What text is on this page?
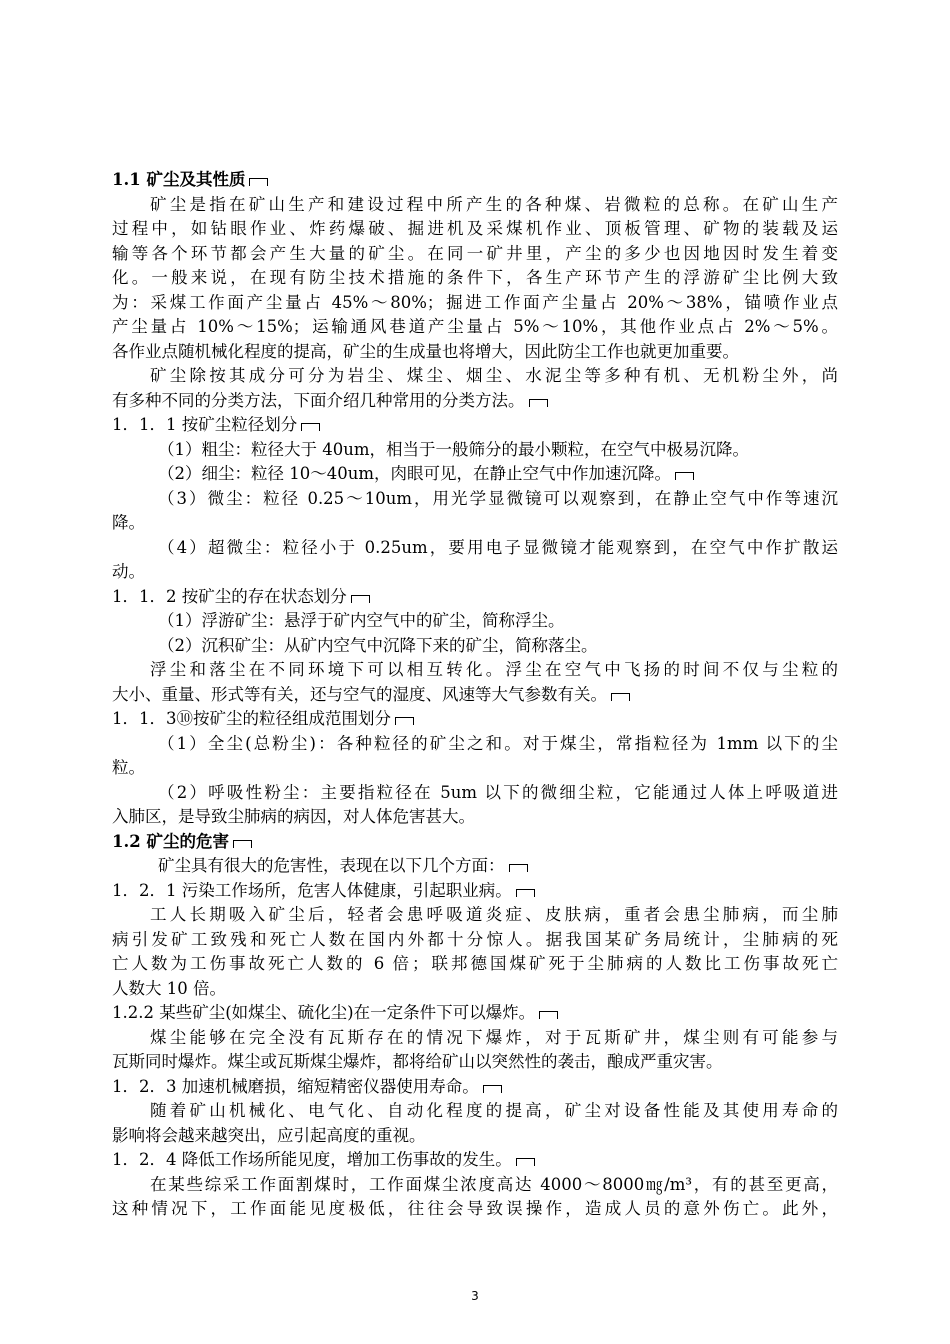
1.1 矿尘及其性质
矿尘是指在矿山生产和建设过程中所产生的各种煤、岩微粒的总称。在矿山生产
过程中，如钻眼作业、炸药爆破、掘进机及采煤机作业、顶板管理、矿物的装载及运
输等各个环节都会产生大量的矿尘。在同一矿井里，产尘的多少也因地因时发生着变
化。一般来说，在现有防尘技术措施的条件下，各生产环节产生的浮游矿尘比例大致
为：采煤工作面产尘量占 45%～80%；掘进工作面产尘量占 20%～38%，锚喷作业点
产尘量占 10%～15%；运输通风巷道产尘量占 5%～10%，其他作业点占 2%～5%。
各作业点随机械化程度的提高，矿尘的生成量也将增大，因此防尘工作也就更加重要。
矿尘除按其成分可分为岩尘、煤尘、烟尘、水泥尘等多种有机、无机粉尘外，尚
有多种不同的分类方法，下面介绍几种常用的分类方法。
1．1．1 按矿尘粒径划分
（1）粗尘：粒径大于 40um，相当于一般筛分的最小颗粒，在空气中极易沉降。
（2）细尘：粒径 10～40um，肉眼可见，在静止空气中作加速沉降。
（3）微尘：粒径 0.25～10um，用光学显微镜可以观察到，在静止空气中作等速沉
降。
（4）超微尘：粒径小于 0.25um，要用电子显微镜才能观察到，在空气中作扩散运
动。
1．1．2 按矿尘的存在状态划分
（1）浮游矿尘：悬浮于矿内空气中的矿尘，简称浮尘。
（2）沉积矿尘：从矿内空气中沉降下来的矿尘，简称落尘。
浮尘和落尘在不同环境下可以相互转化。浮尘在空气中飞扬的时间不仅与尘粒的
大小、重量、形式等有关，还与空气的湿度、风速等大气参数有关。
1．1．3⑩按矿尘的粒径组成范围划分
（1）全尘(总粉尘)：各种粒径的矿尘之和。对于煤尘，常指粒径为 1mm 以下的尘
粒。
（2）呼吸性粉尘：主要指粒径在 5um 以下的微细尘粒，它能通过人体上呼吸道进
入肺区，是导致尘肺病的病因，对人体危害甚大。
1.2 矿尘的危害
矿尘具有很大的危害性，表现在以下几个方面：
1．2．1 污染工作场所，危害人体健康，引起职业病。
工人长期吸入矿尘后，轻者会患呼吸道炎症、皮肤病，重者会患尘肺病，而尘肺
病引发矿工致残和死亡人数在国内外都十分惊人。据我国某矿务局统计，尘肺病的死
亡人数为工伤事故死亡人数的 6 倍；联邦德国煤矿死于尘肺病的人数比工伤事故死亡
人数大 10 倍。
1.2.2 某些矿尘(如煤尘、硫化尘)在一定条件下可以爆炸。
煤尘能够在完全没有瓦斯存在的情况下爆炸，对于瓦斯矿井，煤尘则有可能参与
瓦斯同时爆炸。煤尘或瓦斯煤尘爆炸，都将给矿山以突然性的袭击，酿成严重灾害。
1．2．3 加速机械磨损，缩短精密仪器使用寿命。
随着矿山机械化、电气化、自动化程度的提高，矿尘对设备性能及其使用寿命的
影响将会越来越突出，应引起高度的重视。
1．2．4 降低工作场所能见度，增加工伤事故的发生。
在某些综采工作面割煤时，工作面煤尘浓度高达 4000～8000㎎/m³，有的甚至更高，
这种情况下，工作面能见度极低，往往会导致误操作，造成人员的意外伤亡。此外，
3
